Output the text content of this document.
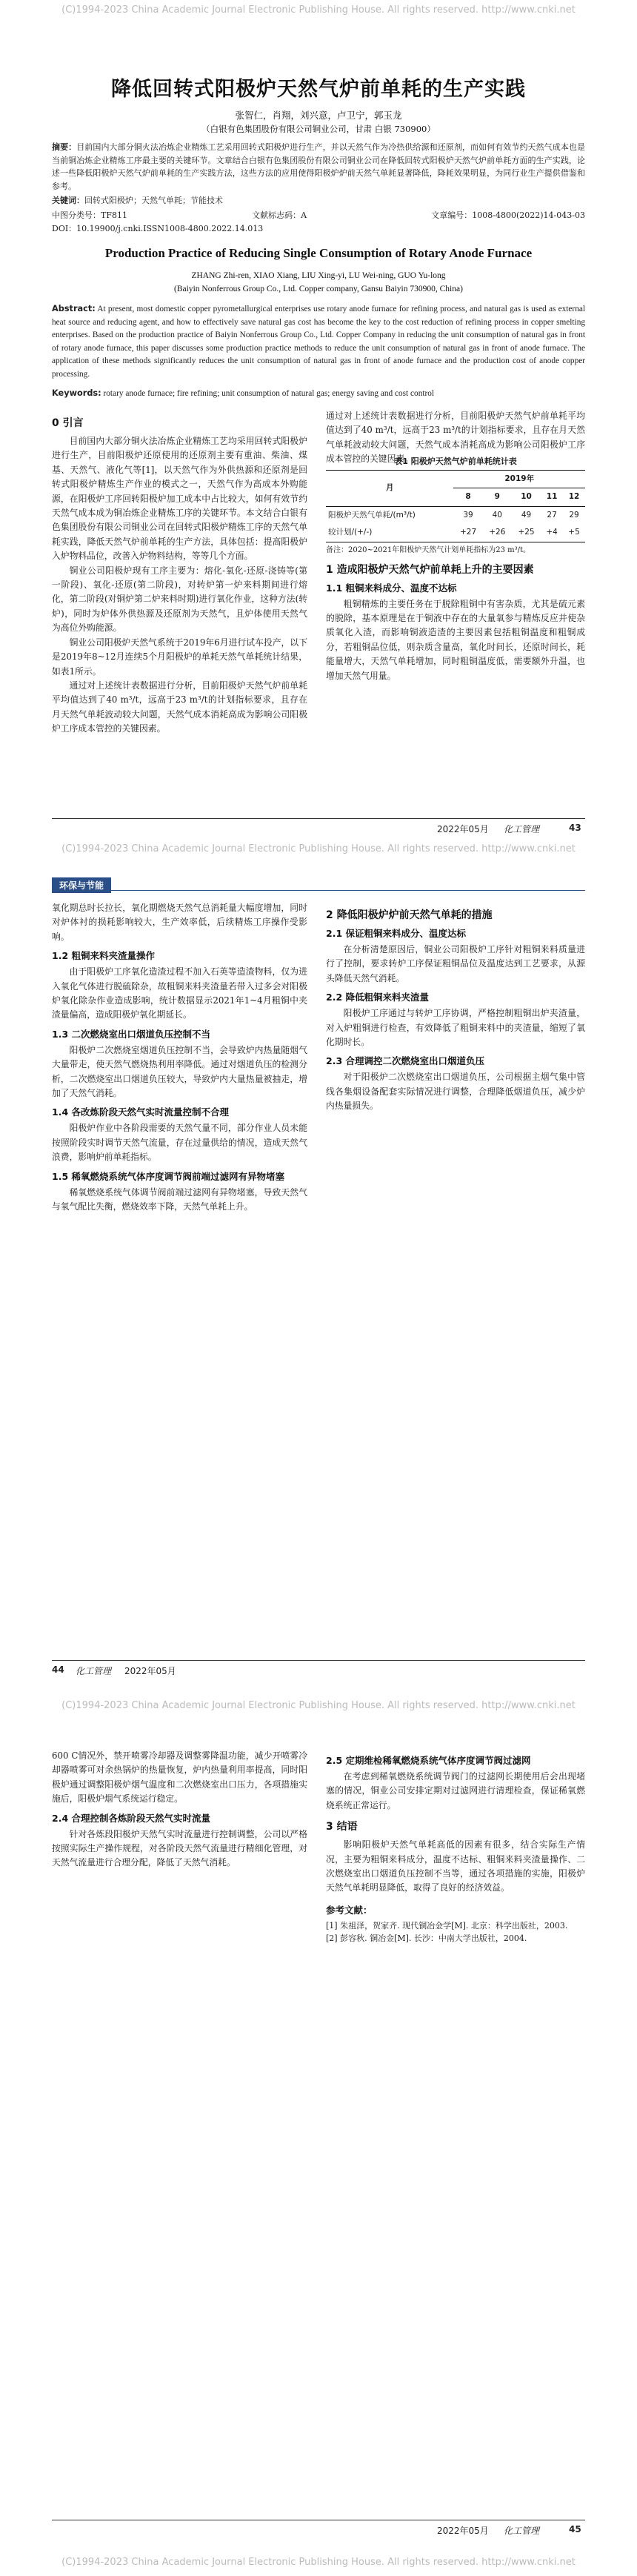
(C)1994-2023 China Academic Journal Electronic Publishing House. All rights reserved. http://www.cnki.net
降低回转式阳极炉天然气炉前单耗的生产实践
张智仁，肖翔，刘兴意，卢卫宁，郭玉龙
（白银有色集团股份有限公司铜业公司，甘肃 白银 730900）
摘要：目前国内大部分铜火法冶炼企业精炼工艺采用回转式阳极炉进行生产，并以天然气作为冷热供给源和还原剂，而如何有效节约天然气成本也是当前铜冶炼企业精炼工序最主要的关键环节。文章结合白银有色集团股份有限公司铜业公司在降低回转式阳极炉天然气炉前单耗方面的生产实践，论述一些降低阳极炉天然气炉前单耗的生产实践方法，这些方法的应用使得阳极炉炉前天然气单耗显著降低，降耗效果明显，为同行业生产提供借鉴和参考。
关键词：回转式阳极炉；天然气单耗；节能技术
中图分类号：TF811	文献标志码：A	文章编号：1008-4800(2022)14-043-03
DOI：10.19900/j.cnki.ISSN1008-4800.2022.14.013
Production Practice of Reducing Single Consumption of Rotary Anode Furnace
ZHANG Zhi-ren, XIAO Xiang, LIU Xing-yi, LU Wei-ning, GUO Yu-long
(Baiyin Nonferrous Group Co., Ltd. Copper company, Gansu Baiyin 730900, China)
Abstract: At present, most domestic copper pyrometallurgical enterprises use rotary anode furnace for refining process, and natural gas is used as external heat source and reducing agent, and how to effectively save natural gas cost has become the key to the cost reduction of refining process in copper smelting enterprises. Based on the production practice of Baiyin Nonferrous Group Co., Ltd. Copper Company in reducing the unit consumption of natural gas in front of rotary anode furnace, this paper discusses some production practice methods to reduce the unit consumption of natural gas in front of anode furnace. The application of these methods significantly reduces the unit consumption of natural gas in front of anode furnace and the production cost of anode copper processing.
Keywords: rotary anode furnace; fire refining; unit consumption of natural gas; energy saving and cost control
0 引言

目前国内大部分铜火法冶炼企业精炼工艺均采用回转式阳极炉进行生产，目前阳极炉还原使用的还原剂主要有重油、柴油、煤基、天然气、液化气等[1]，以天然气作为外供热源和还原剂是回转式阳极炉精炼生产作业的模式之一，天然气作为高成本外购能源，在阳极炉工序回转阳极炉加工成本中占比较大，如何有效节约天然气成本成为铜冶炼企业精炼工序的关键环节。本文结合白银有色集团股份有限公司铜业公司在回转式阳极炉精炼工序的天然气单耗实践，降低天然气炉前单耗的生产方法，具体包括：提高阳极炉入炉物料品位，改善入炉物料结构，等等几个方面。

铜业公司阳极炉现有工序主要为：熔化-氧化-还原-浇铸等(第一阶段)、氧化-还原(第二阶段)，对转炉第一炉来料期间进行熔化，第二阶段(对铜炉第二炉来料时期)进行氧化作业，这种方法(转炉)，同时为炉体外供热源及还原剂为天然气，且炉体使用天然气为高位外购能源。

铜业公司阳极炉天然气系统于2019年6月进行试车投产，以下是2019年8~12月连续5个月阳极炉的单耗天然气单耗统计结果，如表1所示。

通过对上述统计表数据进行分析，目前阳极炉天然气炉前单耗平均值达到了40 m³/t，远高于23 m³/t的计划指标要求，且存在月天然气单耗波动较大问题，天然气成本消耗高成为影响公司阳极炉工序成本管控的关键因素。

通过对上述统计表数据进行分析，目前阳极炉天然气炉前单耗平均值达到了40 m³/t，远高于23 m³/t的计划指标要求，且存在月天然气单耗波动较大问题，天然气成本消耗高成为影响公司阳极炉工序成本管控的关键因素。

表1 阳极炉天然气炉前单耗统计表
月	2019年				
	8	9	10	11	12
阳极炉天然气单耗/(m³/t)	39	40	49	27	29
较计划/(+/-)	+27	+26	+25	+4	+5
备注：2020~2021年阳极炉天然气计划单耗指标为23 m³/t。
1 造成阳极炉天然气炉前单耗上升的主要因素
1.1 粗铜来料成分、温度不达标

粗铜精炼的主要任务在于脱除粗铜中有害杂质，尤其是硫元素的脱除，基本原理是在于铜液中存在的大量氧参与精炼反应并使杂质氧化入渣，而影响铜液造渣的主要因素包括粗铜温度和粗铜成分，若粗铜品位低，则杂质含量高，氧化时间长，还原时间长，耗能量增大，天然气单耗增加，同时粗铜温度低，需要额外升温，也增加天然气用量。

2022年05月 化工管理	43
(C)1994-2023 China Academic Journal Electronic Publishing House. All rights reserved. http://www.cnki.net
环保与节能

氧化期总时长拉长，氧化期燃烧天然气总消耗量大幅度增加，同时对炉体衬的损耗影响较大，生产效率低，后续精炼工序操作受影响。

1.2 粗铜来料夹渣量操作

由于阳极炉工序氧化造渣过程不加入石英等造渣物料，仅为进入氧化气体进行脱硫除杂，故粗铜来料夹渣量若带入过多会对阳极炉氧化除杂作业造成影响，统计数据显示2021年1~4月粗铜中夹渣量偏高，造成阳极炉氧化期延长。

1.3 二次燃烧室出口烟道负压控制不当

阳极炉二次燃烧室烟道负压控制不当，会导致炉内热量随烟气大量带走，使天然气燃烧热利用率降低。通过对烟道负压的检测分析，二次燃烧室出口烟道负压较大，导致炉内大量热量被抽走，增加了天然气消耗。

1.4 各改炼阶段天然气实时流量控制不合理

阳极炉作业中各阶段需要的天然气量不同，部分作业人员未能按照阶段实时调节天然气流量，存在过量供给的情况，造成天然气浪费，影响炉前单耗指标。

1.5 稀氧燃烧系统气体序度调节阀前端过滤网有异物堵塞

稀氧燃烧系统气体调节阀前端过滤网有异物堵塞，导致天然气与氧气配比失衡，燃烧效率下降，天然气单耗上升。

2 降低阳极炉炉前天然气单耗的措施
2.1 保证粗铜来料成分、温度达标

在分析清楚原因后，铜业公司阳极炉工序针对粗铜来料质量进行了控制，要求转炉工序保证粗铜品位及温度达到工艺要求，从源头降低天然气消耗。

2.2 降低粗铜来料夹渣量

阳极炉工序通过与转炉工序协调，严格控制粗铜出炉夹渣量，对入炉粗铜进行检查，有效降低了粗铜来料中的夹渣量，缩短了氧化期时长。

2.3 合理调控二次燃烧室出口烟道负压

对于阳极炉二次燃烧室出口烟道负压，公司根据主烟气集中管线各集烟设备配套实际情况进行调整，合理降低烟道负压，减少炉内热量损失。

44 化工管理 2022年05月
(C)1994-2023 China Academic Journal Electronic Publishing House. All rights reserved. http://www.cnki.net

600 C情况外，禁开喷雾冷却器及调整雾降温功能，减少开喷雾冷却器喷雾可对余热锅炉的热量恢复，炉内热量利用率提高，同时阳极炉通过调整阳极炉烟气温度和二次燃烧室出口压力，各项措施实施后，阳极炉烟气系统运行稳定。

2.4 合理控制各炼阶段天然气实时流量

针对各炼段阳极炉天然气实时流量进行控制调整，公司以严格按照实际生产操作规程，对各阶段天然气流量进行精细化管理，对天然气流量进行合理分配，降低了天然气消耗。

2.5 定期维检稀氧燃烧系统气体序度调节阀过滤网

在考虑到稀氧燃烧系统调节阀门的过滤网长期使用后会出现堵塞的情况，铜业公司安排定期对过滤网进行清理检查，保证稀氧燃烧系统正常运行。

3 结语

影响阳极炉天然气单耗高低的因素有很多，结合实际生产情况，主要为粗铜来料成分，温度不达标、粗铜来料夹渣量操作、二次燃烧室出口烟道负压控制不当等，通过各项措施的实施，阳极炉天然气单耗明显降低，取得了良好的经济效益。

参考文献：

[1] 朱祖泽，贺家齐. 现代铜冶金学[M]. 北京：科学出版社，2003.

[2] 彭容秋. 铜冶金[M]. 长沙：中南大学出版社，2004.

2022年05月 化工管理	45
(C)1994-2023 China Academic Journal Electronic Publishing House. All rights reserved. http://www.cnki.net
